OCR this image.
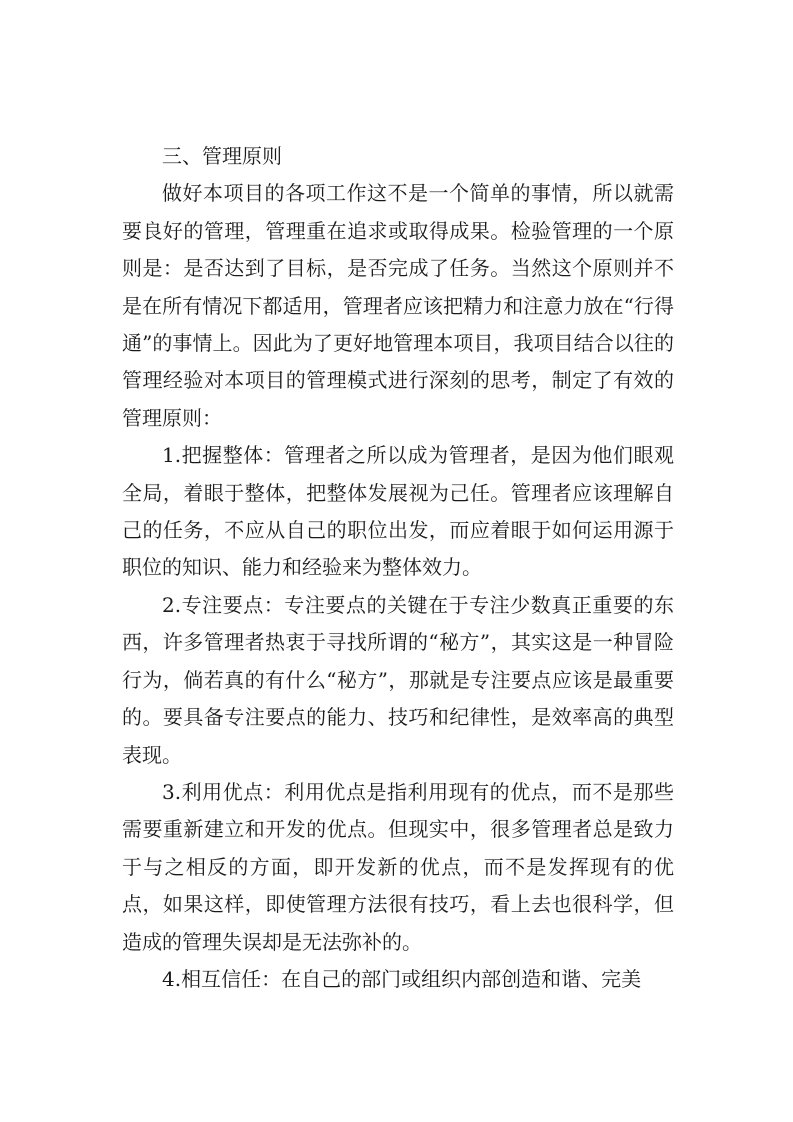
三、管理原则

做好本项目的各项工作这不是一个简单的事情，所以就需要良好的管理，管理重在追求或取得成果。检验管理的一个原则是：是否达到了目标，是否完成了任务。当然这个原则并不是在所有情况下都适用，管理者应该把精力和注意力放在“行得通”的事情上。因此为了更好地管理本项目，我项目结合以往的管理经验对本项目的管理模式进行深刻的思考，制定了有效的管理原则：

1.把握整体：管理者之所以成为管理者，是因为他们眼观全局，着眼于整体，把整体发展视为己任。管理者应该理解自己的任务，不应从自己的职位出发，而应着眼于如何运用源于职位的知识、能力和经验来为整体效力。

2.专注要点：专注要点的关键在于专注少数真正重要的东西，许多管理者热衷于寻找所谓的“秘方”，其实这是一种冒险行为，倘若真的有什么“秘方”，那就是专注要点应该是最重要的。要具备专注要点的能力、技巧和纪律性，是效率高的典型表现。

3.利用优点：利用优点是指利用现有的优点，而不是那些需要重新建立和开发的优点。但现实中，很多管理者总是致力于与之相反的方面，即开发新的优点，而不是发挥现有的优点，如果这样，即使管理方法很有技巧，看上去也很科学，但造成的管理失误却是无法弥补的。

4.相互信任：在自己的部门或组织内部创造和谐、完美
